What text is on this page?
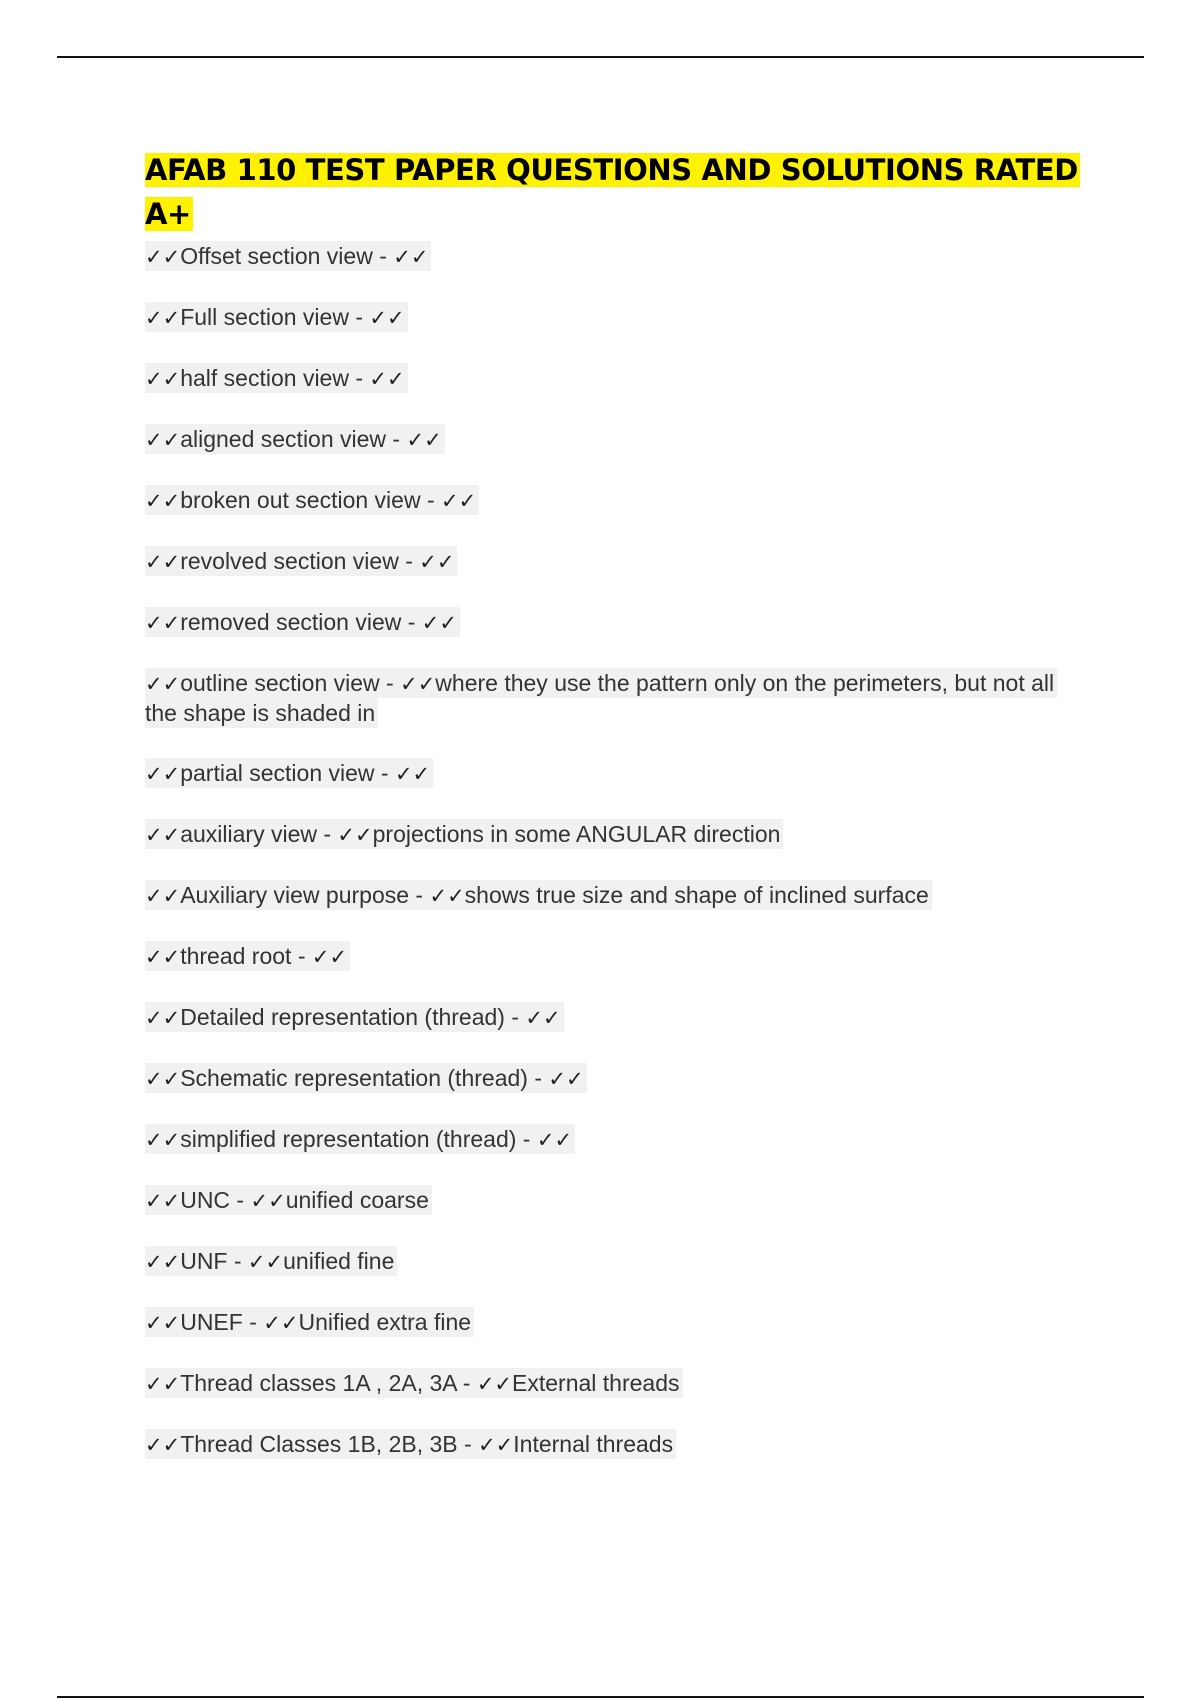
AFAB 110 TEST PAPER QUESTIONS AND SOLUTIONS RATED A+
✓✓Offset section view - ✓✓
✓✓Full section view - ✓✓
✓✓half section view - ✓✓
✓✓aligned section view - ✓✓
✓✓broken out section view - ✓✓
✓✓revolved section view - ✓✓
✓✓removed section view - ✓✓
✓✓outline section view - ✓✓where they use the pattern only on the perimeters, but not all the shape is shaded in
✓✓partial section view - ✓✓
✓✓auxiliary view - ✓✓projections in some ANGULAR direction
✓✓Auxiliary view purpose - ✓✓shows true size and shape of inclined surface
✓✓thread root - ✓✓
✓✓Detailed representation (thread) - ✓✓
✓✓Schematic representation (thread) - ✓✓
✓✓simplified representation (thread) - ✓✓
✓✓UNC - ✓✓unified coarse
✓✓UNF - ✓✓unified fine
✓✓UNEF - ✓✓Unified extra fine
✓✓Thread classes 1A , 2A, 3A - ✓✓External threads
✓✓Thread Classes 1B, 2B, 3B - ✓✓Internal threads
